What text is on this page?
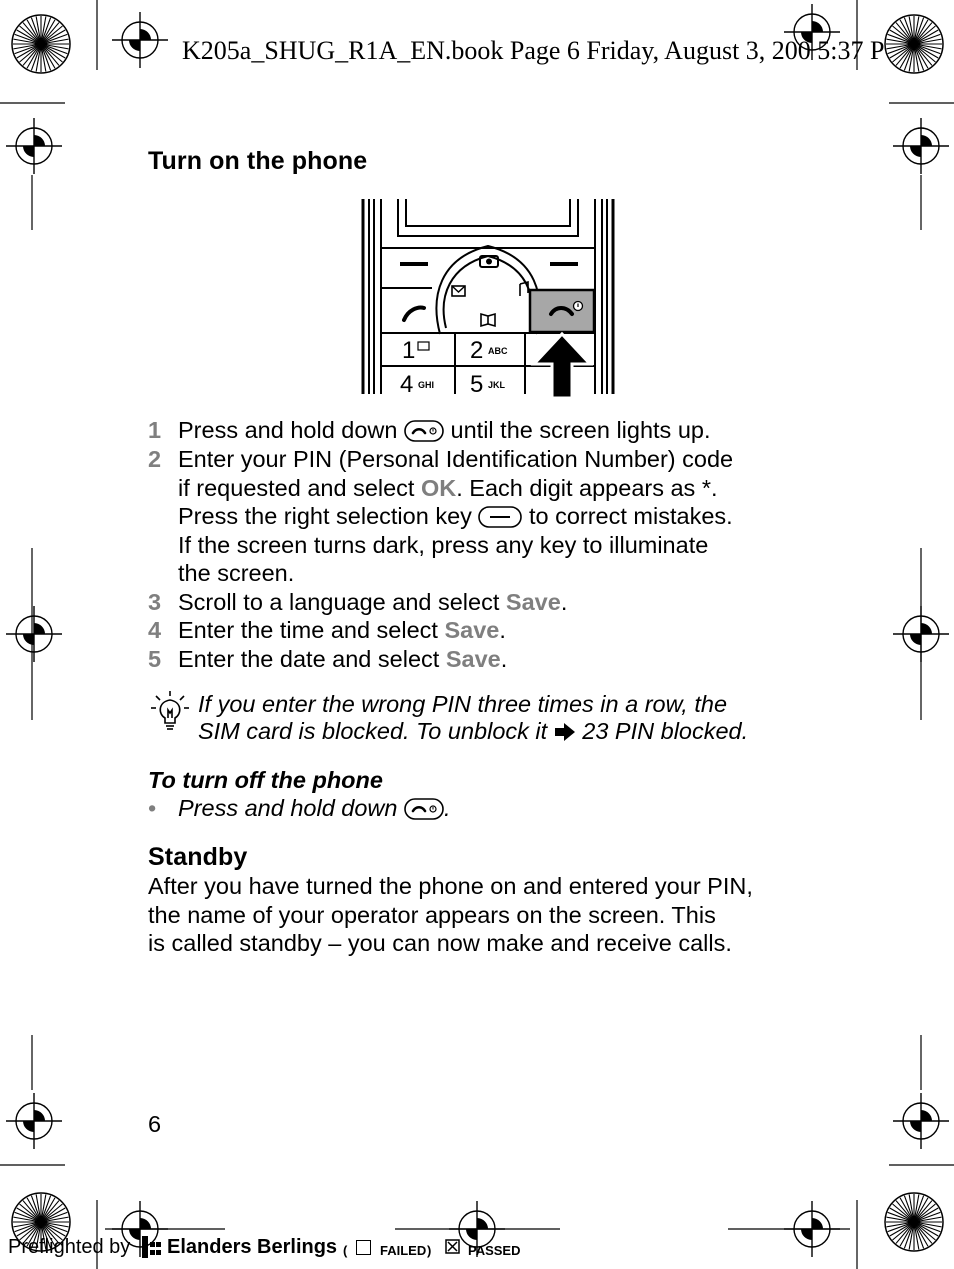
K205a_SHUG_R1A_EN.book Page 6 Friday, August 3, 200 5:37 P
Turn on the phone
1 2 ABC
4 GHI 5 JKL
1 Press and hold down until the screen lights up.
2 Enter your PIN (Personal Identification Number) code
if requested and select OK. Each digit appears as *.
Press the right selection key to correct mistakes.
If the screen turns dark, press any key to illuminate
the screen.
3 Scroll to a language and select Save.
4 Enter the time and select Save.
5 Enter the date and select Save.
If you enter the wrong PIN three times in a row, the
SIM card is blocked. To unblock it 23 PIN blocked.
To turn off the phone
• Press and hold down .
Standby
After you have turned the phone on and entered your PIN,
the name of your operator appears on the screen. This
is called standby – you can now make and receive calls.
6
Preflighted by Elanders Berlings (	FAILED )	PASSED
